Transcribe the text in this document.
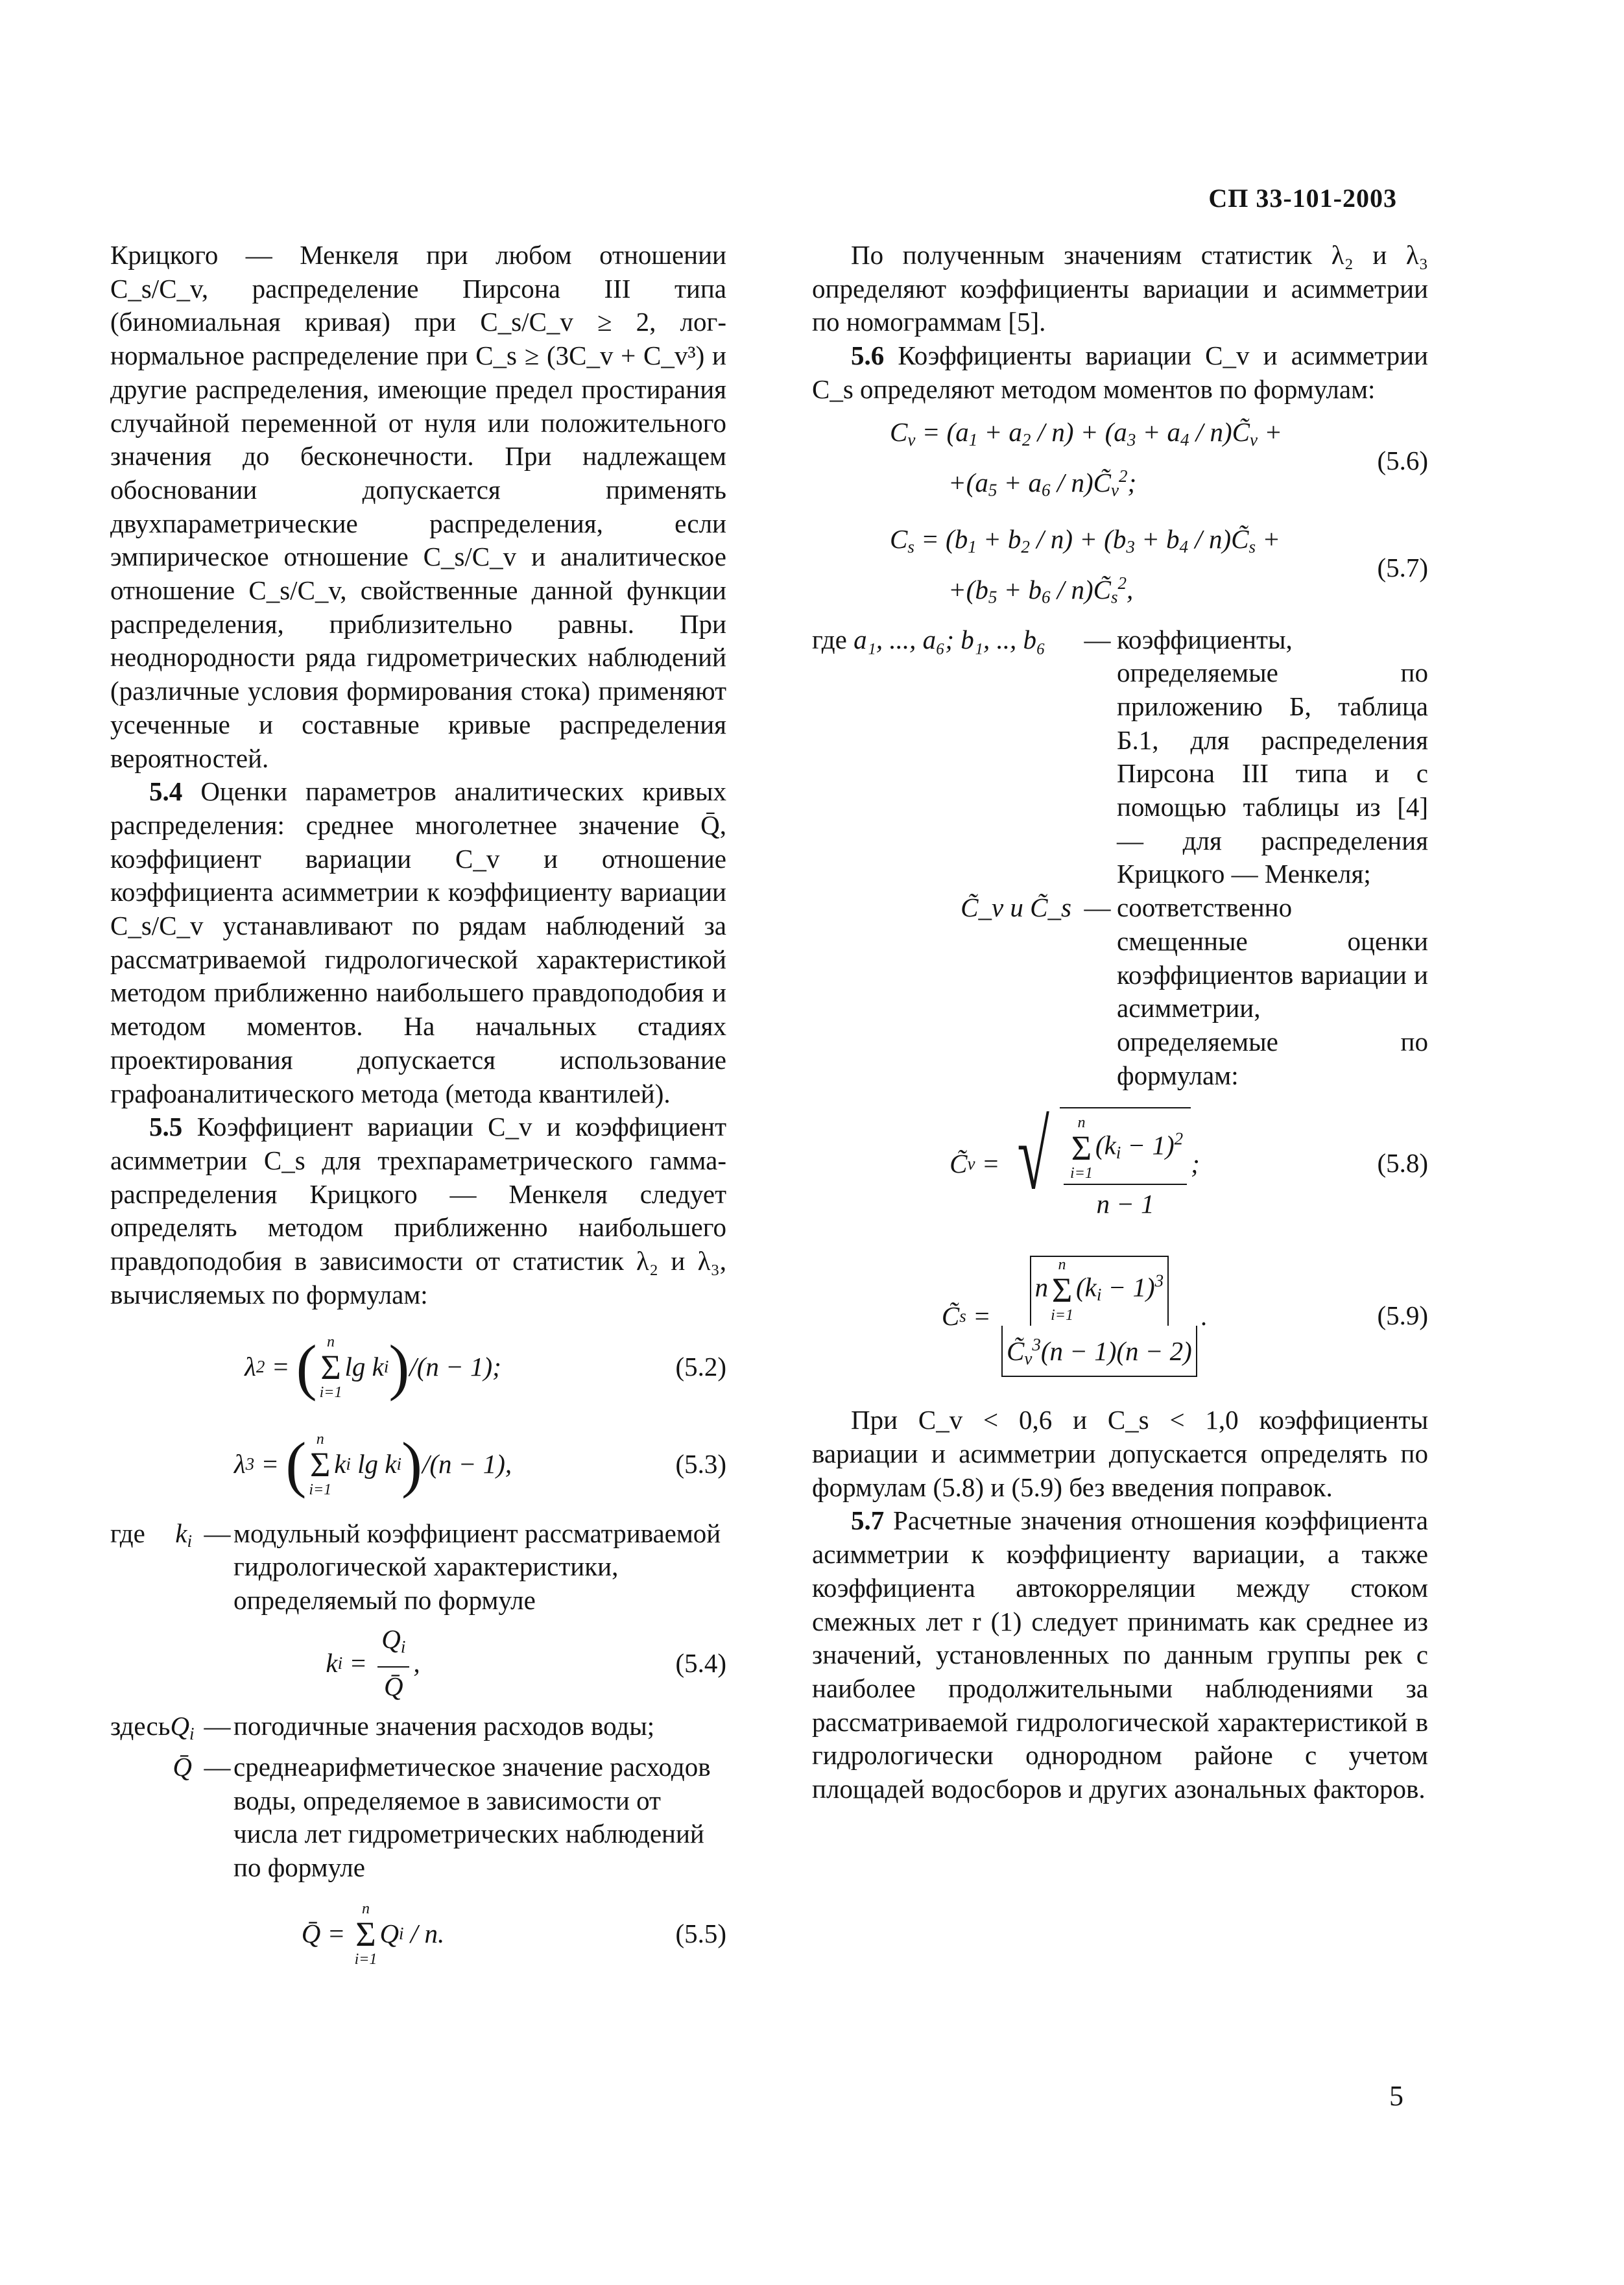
СП 33-101-2003

Крицкого — Менкеля при любом отношении C_s/C_v, распределение Пирсона III типа (биномиальная кривая) при C_s/C_v ≥ 2, лог-нормальное распределение при C_s ≥ (3C_v + C_v³) и другие распределения, имеющие предел простирания случайной переменной от нуля или положительного значения до бесконечности. При надлежащем обосновании допускается применять двухпараметрические распределения, если эмпирическое отношение C_s/C_v и аналитическое отношение C_s/C_v, свойственные данной функции распределения, приблизительно равны. При неоднородности ряда гидрометрических наблюдений (различные условия формирования стока) применяют усеченные и составные кривые распределения вероятностей.

5.4 Оценки параметров аналитических кривых распределения: среднее многолетнее значение Q̄, коэффициент вариации C_v и отношение коэффициента асимметрии к коэффициенту вариации C_s/C_v устанавливают по рядам наблюдений за рассматриваемой гидрологической характеристикой методом приближенно наибольшего правдоподобия и методом моментов. На начальных стадиях проектирования допускается использование графоаналитического метода (метода квантилей).

5.5 Коэффициент вариации C_v и коэффициент асимметрии C_s для трехпараметрического гамма-распределения Крицкого — Менкеля следует определять методом приближенно наибольшего правдоподобия в зависимости от статистик λ₂ и λ₃, вычисляемых по формулам:

λ 2 = ( n
Σ
i=1
lg k i ) /(n − 1);	(5.2)
λ 3 = ( n
Σ
i=1
k i lg k i ) /(n − 1),	(5.3)
где $k_i$ — модульный коэффициент рассматриваемой гидрологической характеристики, определяемый по формуле
k $i = \frac{Q_i}{Q̄}$ ,	(5.4)
здесь $Q_i$ — погодичные значения расходов воды;
Q̄ — среднеарифметическое значение расходов воды, определяемое в зависимости от числа лет гидрометрических наблюдений по формуле
Q̄ =
n
Σ
i=1
Q i / n.	(5.5)

По полученным значениям статистик λ₂ и λ₃ определяют коэффициенты вариации и асимметрии по номограммам [5].

5.6 Коэффициенты вариации C_v и асимметрии C_s определяют методом моментов по формулам:

$C_v = (a_1 + a_2 / n) + (a_3 + a_4$ / $n)C̃_v$ +
$+(a_5 + a_6$ / $n)C̃_v^2$;
(5.6)
$C_s = (b_1 + b_2 / n) + (b_3 + b_4$ / $n)C̃_s$ +
$+(b_5 + b_6$ / $n)C̃_s^2$,
(5.7)
где a₁, ..., a₆; b₁, .., b₆	— коэффициенты, определяемые по приложению Б, таблица Б.1, для распределения Пирсона III типа и с помощью таблицы из [4] — для распределения Крицкого — Менкеля;
C̃_v и C̃_s — соответственно смещенные оценки коэффициентов вариации и асимметрии, определяемые по формулам:
C̃ v = √ n
Σ
i=1
$(k_i - 1)^2$
n − 1 ;	(5.8)
C̃ s =
n
n
Σ
i=1
$(k_i - 1)^3$
$C̃_v^3(n - 1)(n - 2)$
.	(5.9)

При C_v < 0,6 и C_s < 1,0 коэффициенты вариации и асимметрии допускается определять по формулам (5.8) и (5.9) без введения поправок.

5.7 Расчетные значения отношения коэффициента асимметрии к коэффициенту вариации, а также коэффициента автокорреляции между стоком смежных лет r (1) следует принимать как среднее из значений, установленных по данным группы рек с наиболее продолжительными наблюдениями за рассматриваемой гидрологической характеристикой в гидрологически однородном районе с учетом площадей водосборов и других азональных факторов.

5
